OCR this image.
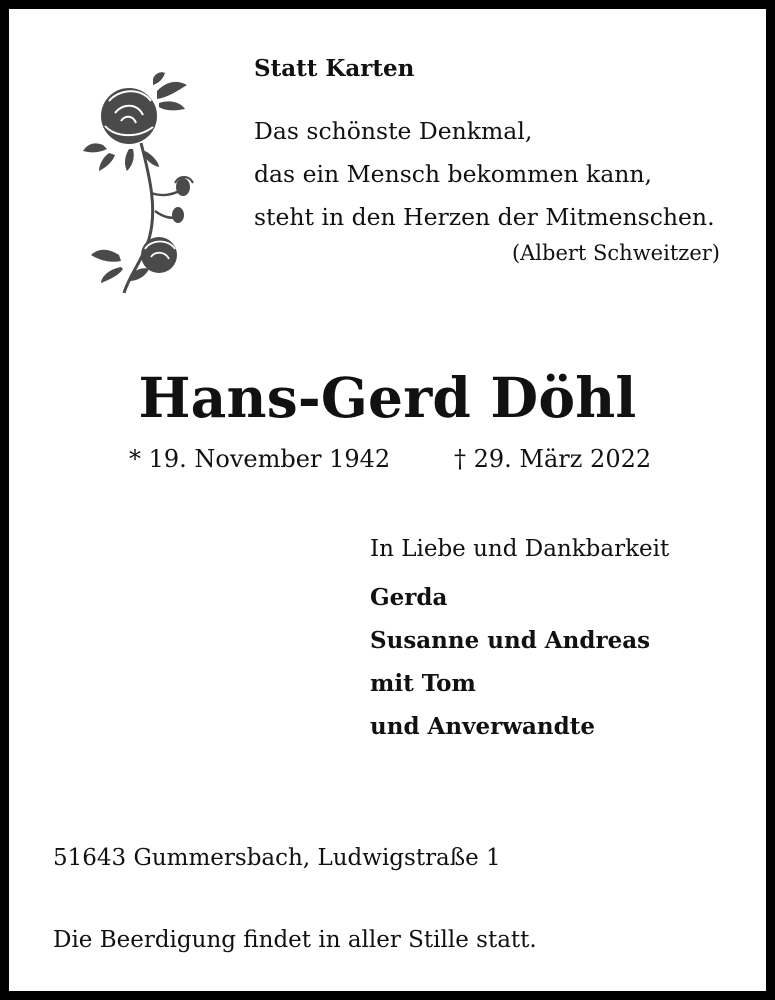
Statt Karten
Das schönste Denkmal,
das ein Mensch bekommen kann,
steht in den Herzen der Mitmenschen.
(Albert Schweitzer)
Hans-Gerd Döhl
* 19. November 1942	† 29. März 2022
In Liebe und Dankbarkeit
Gerda
Susanne und Andreas
mit Tom
und Anverwandte
51643 Gummersbach, Ludwigstraße 1
Die Beerdigung findet in aller Stille statt.
